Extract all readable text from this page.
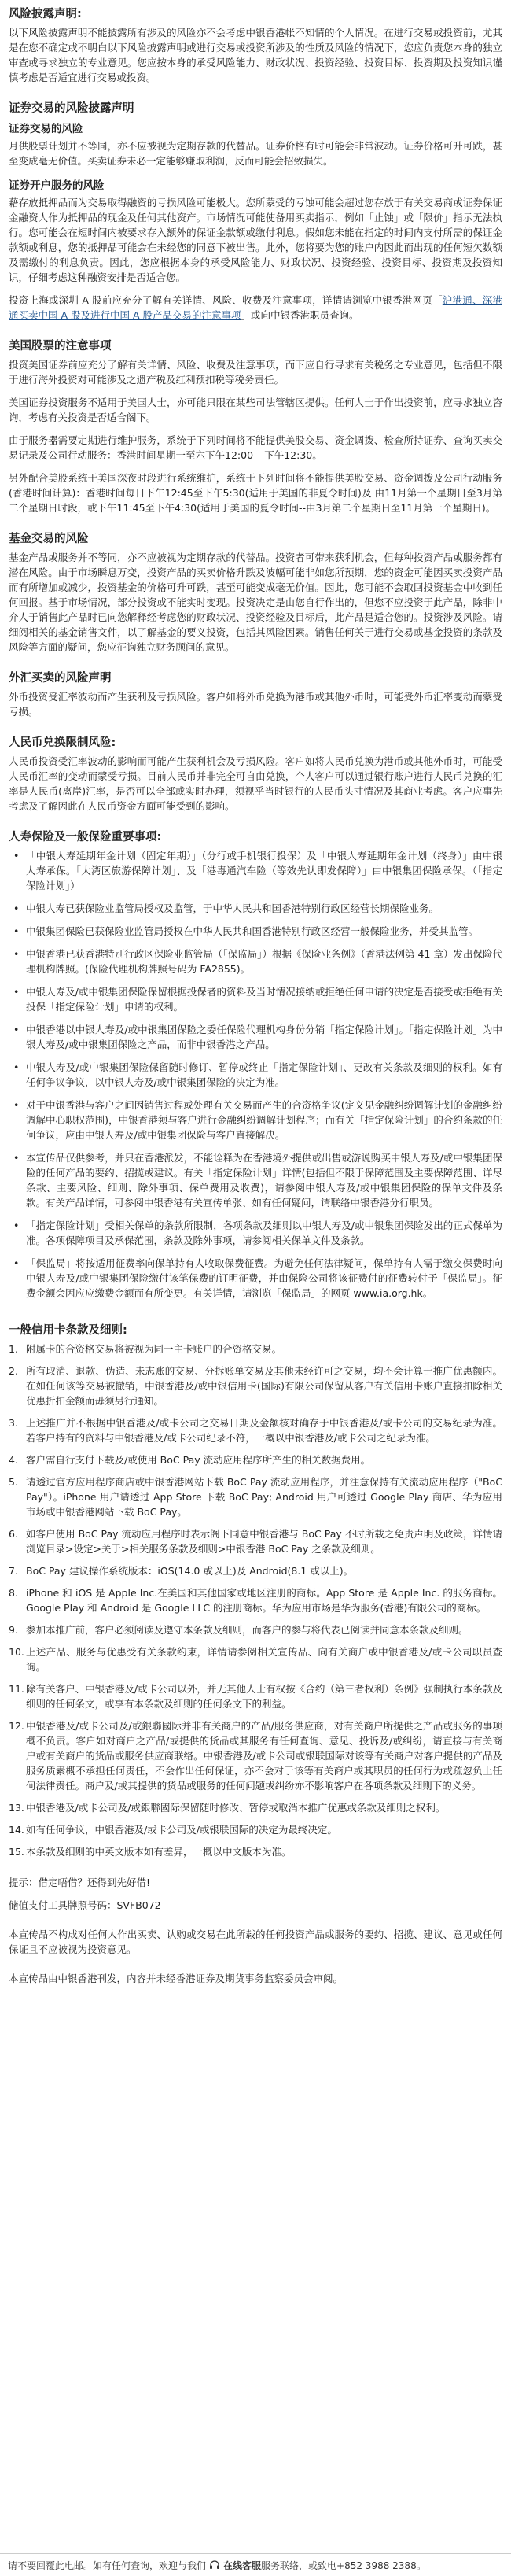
风险披露声明:

以下风险披露声明不能披露所有涉及的风险亦不会考虑中银香港帐不知情的个人情况。在进行交易或投资前，尤其是在您不确定或不明白以下风险披露声明或进行交易或投资所涉及的性质及风险的情况下，您应负责您本身的独立审查或寻求独立的专业意见。您应按本身的承受风险能力、财政状况、投资经验、投资目标、投资期及投资知识谨慎考虑是否适宜进行交易或投资。

证券交易的风险披露声明
证券交易的风险

月供股票计划并不等同，亦不应被视为定期存款的代替品。证券价格有时可能会非常波动。证券价格可升可跌，甚至变成毫无价值。买卖证券未必一定能够赚取利润，反而可能会招致损失。

证券开户服务的风险

藉存放抵押品而为交易取得融资的亏损风险可能极大。您所蒙受的亏蚀可能会超过您存放于有关交易商或证券保证金融资人作为抵押品的现金及任何其他资产。市场情况可能使备用买卖指示，例如「止蚀」或「限价」指示无法执行。您可能会在短时间内被要求存入额外的保证金款额或缴付利息。假如您未能在指定的时间内支付所需的保证金款额或利息，您的抵押品可能会在未经您的同意下被出售。此外，您将要为您的账户内因此而出现的任何短欠数额及需缴付的利息负责。因此，您应根据本身的承受风险能力、财政状况、投资经验、投资目标、投资期及投资知识，仔细考虑这种融资安排是否适合您。

投资上海或深圳 A 股前应充分了解有关详情、风险、收费及注意事项，详情请浏览中银香港网页「沪港通、深港通买卖中国 A 股及进行中国 A 股产品交易的注意事项」或向中银香港职员查询。

美国股票的注意事项

投资美国证券前应充分了解有关详情、风险、收费及注意事项，而下应自行寻求有关税务之专业意见，包括但不限于进行海外投资对可能涉及之遗产税及红利预扣税等税务责任。

美国证券投资服务不适用于美国人士，亦可能只限在某些司法管辖区提供。任何人士于作出投资前，应寻求独立咨询，考虑有关投资是否适合阁下。

由于服务器需要定期进行维护服务，系统于下列时间将不能提供美股交易、资金调拨、检查所持证券、查询买卖交易记录及公司行动服务：香港时间星期一至六下午12:00 – 下午12:30。

另外配合美股系统于美国深夜时段进行系统维护，系统于下列时间将不能提供美股交易、资金调拨及公司行动服务(香港时间计算)：香港时间每日下午12:45至下午5:30(适用于美国的非夏令时间)及 由11月第一个星期日至3月第二个星期日时段，或下午11:45至下午4:30(适用于美国的夏令时间--由3月第二个星期日至11月第一个星期日)。

基金交易的风险

基金产品或服务并不等同，亦不应被视为定期存款的代替品。投资者可带来获利机会，但每种投资产品或服务都有潜在风险。由于市场瞬息万变，投资产品的买卖价格升跌及波幅可能非如您所预期，您的资金可能因买卖投资产品而有所增加或减少，投资基金的价格可升可跌，甚至可能变成毫无价值。因此，您可能不会取回投资基金中收到任何回报。基于市场情况，部分投资或不能实时变现。投资决定是由您自行作出的，但您不应投资于此产品，除非中介人于销售此产品时已向您解释经考虑您的财政状况、投资经验及目标后，此产品是适合您的。投资涉及风险。请细阅相关的基金销售文件，以了解基金的要义投资，包括其风险因素。销售任何关于进行交易或基金投资的条款及风险等方面的疑问，您应征询独立财务顾问的意见。

外汇买卖的风险声明

外币投资受汇率波动而产生获利及亏损风险。客户如将外币兑换为港币或其他外币时，可能受外币汇率变动而蒙受亏损。

人民币兑换限制风险:

人民币投资受汇率波动的影响而可能产生获利机会及亏损风险。客户如将人民币兑换为港币或其他外币时，可能受人民币汇率的变动而蒙受亏损。目前人民币并非完全可自由兑换，个人客户可以通过银行账户进行人民币兑换的汇率是人民币(离岸)汇率，是否可以全部或实时办理，须视乎当时银行的人民币头寸情况及其商业考虑。客户应事先考虑及了解因此在人民币资金方面可能受到的影响。

人寿保险及一般保险重要事项:
• 「中银人寿延期年金计划（固定年期）」（分行或手机银行投保）及「中银人寿延期年金计划（终身）」由中银人寿承保。「大湾区旅游保障计划」、及「港毒通汽车险（等效先认即发保障）」由中银集团保险承保。（「指定保险计划」）
• 中银人寿已获保险业监管局授权及监管，于中华人民共和国香港特别行政区经营长期保险业务。
• 中银集团保险已获保险业监管局授权在中华人民共和国香港特别行政区经营一般保险业务，并受其监管。
• 中银香港已获香港特别行政区保险业监管局（「保监局」）根据《保险业条例》（香港法例第 41 章）发出保险代理机构牌照。(保险代理机构牌照号码为 FA2855)。
• 中银人寿及/或中银集团保险保留根据投保者的资料及当时情况接纳或拒绝任何申请的决定是否接受或拒绝有关投保「指定保险计划」申请的权利。
• 中银香港以中银人寿及/或中银集团保险之委任保险代理机构身份分销「指定保险计划」。「指定保险计划」为中银人寿及/或中银集团保险之产品，而非中银香港之产品。
• 中银人寿及/或中银集团保险保留随时修订、暂停或终止「指定保险计划」、更改有关条款及细则的权利。如有任何争议争议，以中银人寿及/或中银集团保险的决定为准。
• 对于中银香港与客户之间因销售过程或处理有关交易而产生的合资格争议(定义见金融纠纷调解计划的金融纠纷调解中心职权范围)，中银香港须与客户进行金融纠纷调解计划程序；而有关「指定保险计划」的合约条款的任何争议，应由中银人寿及/或中银集团保险与客户直接解决。
• 本宣传品仅供参考，并只在香港派发，不能诠释为在香港境外提供或出售或游说购买中银人寿及/或中银集团保险的任何产品的要约、招揽或建议。有关「指定保险计划」详情(包括但不限于保障范围及主要保障范围、详尽条款、主要风险、细则、除外事项、保单费用及收费)，请参阅中银人寿及/或中银集团保险的保单文件及条款。有关产品详情，可参阅中银香港有关宣传单张、如有任何疑问，请联络中银香港分行职员。
• 「指定保险计划」受相关保单的条款所限制，各项条款及细则以中银人寿及/或中银集团保险发出的正式保单为准。各项保障项目及承保范围，条款及除外事项，请参阅相关保单文件及条款。
• 「保监局」将按适用征费率向保单持有人收取保费征费。为避免任何法律疑问，保单持有人需于缴交保费时向中银人寿及/或中银集团保险缴付该笔保费的订明征费，并由保险公司将该征费付的征费转付予「保监局」。征费金额会因应应缴费金额而有所变更。有关详情，请浏览「保监局」的网页 www.ia.org.hk。
一般信用卡条款及细则:
1. 附属卡的合资格交易将被视为同一主卡账户的合资格交易。
2. 所有取消、退款、伪造、未志账的交易、分拆账单交易及其他未经许可之交易，均不会计算于推广优惠额内。在如任何该等交易被撤销，中银香港及/或中银信用卡(国际)有限公司保留从客户有关信用卡账户直接扣除相关优惠折扣金额而毋须另行通知。
3. 上述推广并不根据中银香港及/或卡公司之交易日期及金额核对确存于中银香港及/或卡公司的交易纪录为准。若客户持有的资料与中银香港及/或卡公司纪录不符，一概以中银香港及/或卡公司之纪录为准。
4. 客户需自行支付下载及/或使用 BoC Pay 流动应用程序所产生的相关数据费用。
5. 请透过官方应用程序商店或中银香港网站下载 BoC Pay 流动应用程序，并注意保持有关流动应用程序（"BoC Pay"）。iPhone 用户请透过 App Store 下载 BoC Pay; Android 用户可透过 Google Play 商店、华为应用市场或中银香港网站下载 BoC Pay。
6. 如客户使用 BoC Pay 流动应用程序时表示阁下同意中银香港与 BoC Pay 不时所载之免责声明及政策，详情请浏览目录>设定>关于>相关服务条款及细则>中银香港 BoC Pay 之条款及细则。
7. BoC Pay 建议操作系统版本：iOS(14.0 或以上)及 Android(8.1 或以上)。
8. iPhone 和 iOS 是 Apple Inc.在美国和其他国家或地区注册的商标。App Store 是 Apple Inc. 的服务商标。Google Play 和 Android 是 Google LLC 的注册商标。华为应用市场是华为服务(香港)有限公司的商标。
9. 参加本推广前，客户必须阅读及遵守本条款及细则，而客户的参与将代表已阅读并同意本条款及细则。
10. 上述产品、服务与优惠受有关条款约束，详情请参阅相关宣传品、向有关商户或中银香港及/或卡公司职员查询。
11. 除有关客户、中银香港及/或卡公司以外，并无其他人士有权按《合约（第三者权利）条例》强制执行本条款及细则的任何条文，或享有本条款及细则的任何条文下的利益。
12. 中银香港及/或卡公司及/或銀聯國际并非有关商户的产品/服务供应商，对有关商户所提供之产品或服务的事项概不负责。客户如对商户之产品/或提供的货品或其服务有任何查询、意见、投诉及/或纠纷，请直接与有关商户或有关商户的货品或服务供应商联络。中银香港及/或卡公司或银联国际对该等有关商户对客户提供的产品及服务质素概不承担任何责任，不会作出任何保证，亦不会对于该等有关商户或其职员的任何行为或疏忽负上任何法律责任。商户及/或其提供的货品或服务的任何问题或纠纷亦不影响客户在各项条款及细则下的义务。
13. 中银香港及/或卡公司及/或銀聯國际保留随时修改、暂停或取消本推广优惠或条款及细则之权利。
14. 如有任何争议，中银香港及/或卡公司及/或银联国际的决定为最终决定。
15. 本条款及细则的中英文版本如有差异，一概以中文版本为准。

提示：借定唔借？还得到先好借!

储值支付工具牌照号码：SVFB072

本宣传品不构成对任何人作出买卖、认购或交易在此所载的任何投资产品或服务的要约、招揽、建议、意见或任何保证且不应被视为投资意见。

本宣传品由中银香港刊发，内容并未经香港证券及期货事务监察委员会审阅。

请不要回覆此电邮。如有任何查询，欢迎与我们 在线客服 服务联络，或致电+852 3988 2388。
